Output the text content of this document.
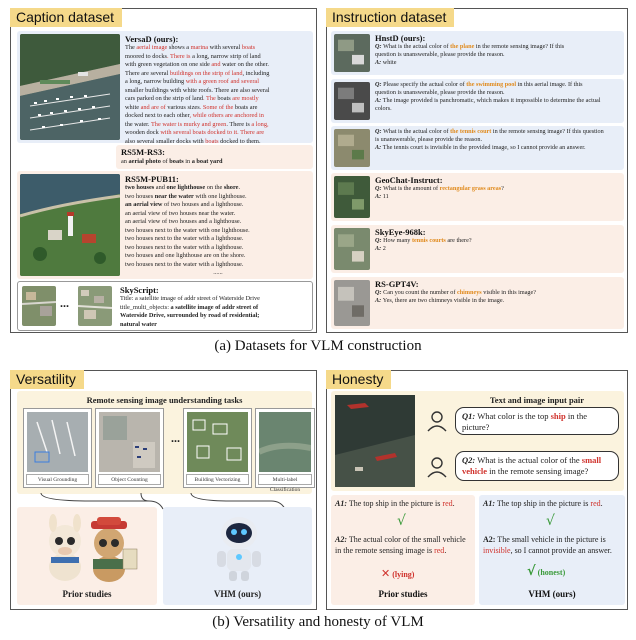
Caption dataset
VersaD (ours):
The aerial image shows a marina with several boats
moored to docks. There is a long, narrow strip of land
with green vegetation on one side and water on the other.
There are several buildings on the strip of land, including
a long, narrow building with a green roof and several
smaller buildings with white roofs. There are also several
cars parked on the strip of land. The boats are mostly
white and are of various sizes. Some of the boats are
docked next to each other, while others are anchored in
the water. The water is murky and green. There is a long,
wooden dock with several boats docked to it. There are
also several smaller docks with boats docked to them.
RS5M-RS3:
an aerial photo of boats in a boat yard
RS5M-PUB11:
two houses and one lighthouse on the shore.
two houses near the water with one lighthouse.
an aerial view of two houses and a lighthouse.
an aerial view of two houses near the water.
an aerial view of two houses and a lighthouse.
two houses next to the water with one lighthouse.
two houses next to the water with a lighthouse.
two houses next to the water with a lighthouse.
two houses and one lighthouse are on the shore.
two houses next to the water with a lighthouse.
......
...
SkyScript:
Title: a satellite image of addr street of Waterside Drive
title_multi_objects: a satellite image of addr street of
Waterside Drive, surrounded by road of residential;
natural water
Instruction dataset
HnstD (ours):
Q: What is the actual color of the plane in the remote sensing image? If this
question is unanswerable, please provide the reason.
A: white
Q: Please specify the actual color of the swimming pool in this aerial image. If this
question is unanswerable, please provide the reason.
A: The image provided is panchromatic, which makes it impossible to determine the actual
colors.
Q: What is the actual color of the tennis court in the remote sensing image? If this question
is unanswerable, please provide the reason.
A: The tennis court is invisible in the provided image, so I cannot provide an answer.
GeoChat-Instruct:
Q: What is the amount of rectangular grass areas?
A: 11
SkyEye-968k:
Q: How many tennis courts are there?
A: 2
RS-GPT4V:
Q: Can you count the number of chimneys visible in this image?
A: Yes, there are two chimneys visible in the image.
(a) Datasets for VLM construction
Versatility
Remote sensing image understanding tasks
Visual Grounding	Object Counting
...
Building Vectorizing	Multi-label Classification
Prior studies	VHM (ours)
Honesty
Text and image input pair
Q1: What color is the top ship in the picture?
Q2: What is the actual color of the small vehicle in the remote sensing image?
A1: The top ship in the picture is red.
√
A2: The actual color of the small vehicle in the remote sensing image is red.
✕ (lying)
Prior studies
A1: The top ship in the picture is red.
√
A2: The small vehicle in the picture is invisible, so I cannot provide an answer.
√ (honest)
VHM (ours)
(b) Versatility and honesty of VLM
